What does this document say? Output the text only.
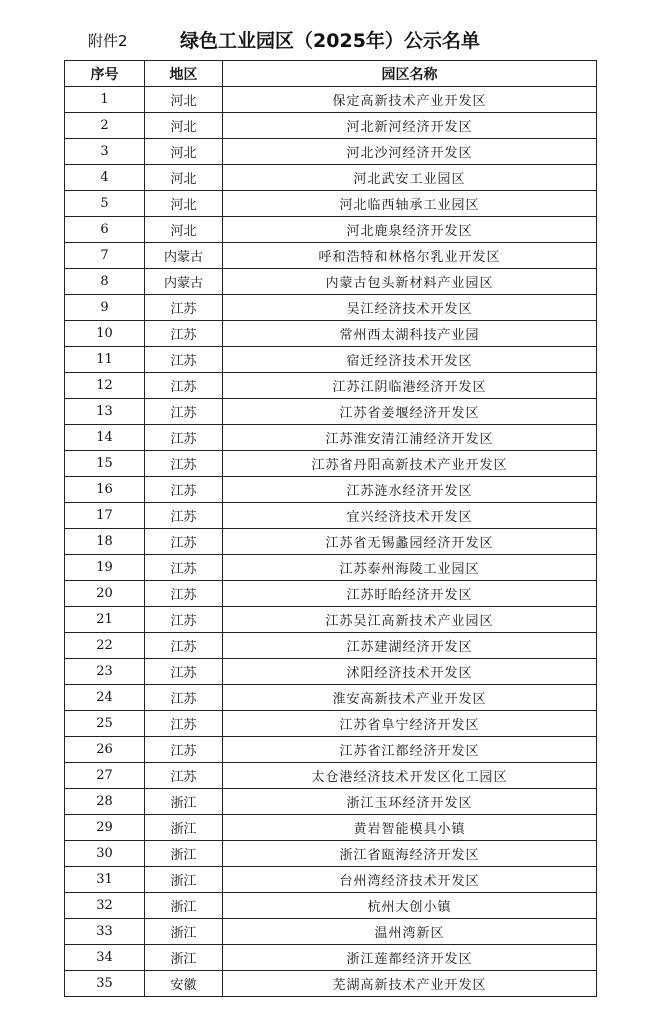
附件2	绿色工业园区（2025年）公示名单
序号	地区	园区名称
1	河北	保定高新技术产业开发区
2	河北	河北新河经济开发区
3	河北	河北沙河经济开发区
4	河北	河北武安工业园区
5	河北	河北临西轴承工业园区
6	河北	河北鹿泉经济开发区
7	内蒙古	呼和浩特和林格尔乳业开发区
8	内蒙古	内蒙古包头新材料产业园区
9	江苏	吴江经济技术开发区
10	江苏	常州西太湖科技产业园
11	江苏	宿迁经济技术开发区
12	江苏	江苏江阴临港经济开发区
13	江苏	江苏省姜堰经济开发区
14	江苏	江苏淮安清江浦经济开发区
15	江苏	江苏省丹阳高新技术产业开发区
16	江苏	江苏涟水经济开发区
17	江苏	宜兴经济技术开发区
18	江苏	江苏省无锡蠡园经济开发区
19	江苏	江苏泰州海陵工业园区
20	江苏	江苏盱眙经济开发区
21	江苏	江苏吴江高新技术产业园区
22	江苏	江苏建湖经济开发区
23	江苏	沭阳经济技术开发区
24	江苏	淮安高新技术产业开发区
25	江苏	江苏省阜宁经济开发区
26	江苏	江苏省江都经济开发区
27	江苏	太仓港经济技术开发区化工园区
28	浙江	浙江玉环经济开发区
29	浙江	黄岩智能模具小镇
30	浙江	浙江省瓯海经济开发区
31	浙江	台州湾经济技术开发区
32	浙江	杭州大创小镇
33	浙江	温州湾新区
34	浙江	浙江莲都经济开发区
35	安徽	芜湖高新技术产业开发区
